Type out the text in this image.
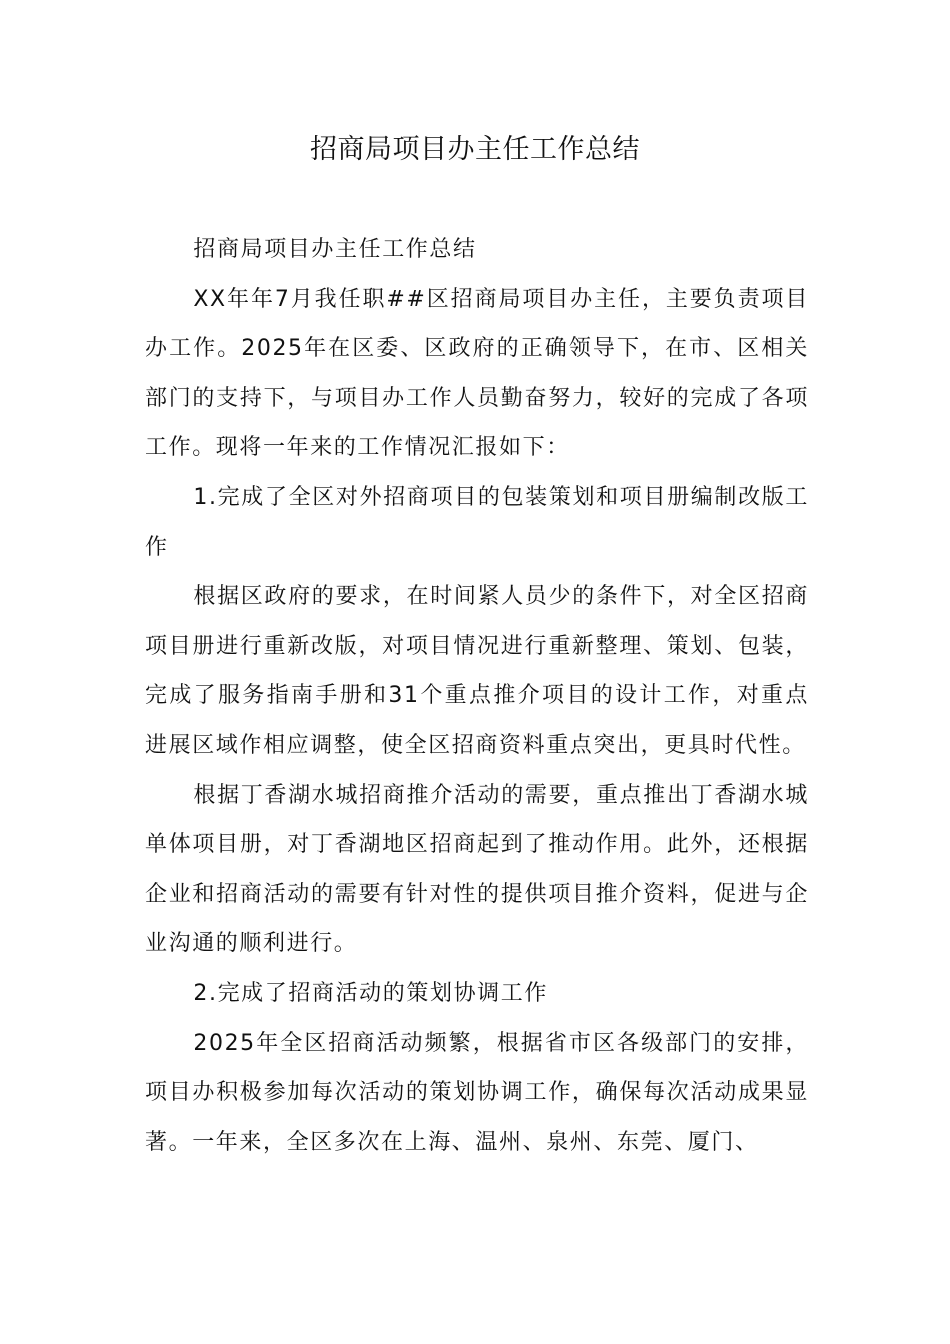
招商局项目办主任工作总结

招商局项目办主任工作总结

XX年年7月我任职##区招商局项目办主任，主要负责项目办工作。2025年在区委、区政府的正确领导下，在市、区相关部门的支持下，与项目办工作人员勤奋努力，较好的完成了各项工作。现将一年来的工作情况汇报如下：

1.完成了全区对外招商项目的包装策划和项目册编制改版工作

根据区政府的要求，在时间紧人员少的条件下，对全区招商项目册进行重新改版，对项目情况进行重新整理、策划、包装，完成了服务指南手册和31个重点推介项目的设计工作，对重点进展区域作相应调整，使全区招商资料重点突出，更具时代性。

根据丁香湖水城招商推介活动的需要，重点推出丁香湖水城单体项目册，对丁香湖地区招商起到了推动作用。此外，还根据企业和招商活动的需要有针对性的提供项目推介资料，促进与企业沟通的顺利进行。

2.完成了招商活动的策划协调工作

2025年全区招商活动频繁，根据省市区各级部门的安排，项目办积极参加每次活动的策划协调工作，确保每次活动成果显著。一年来，全区多次在上海、温州、泉州、东莞、厦门、
